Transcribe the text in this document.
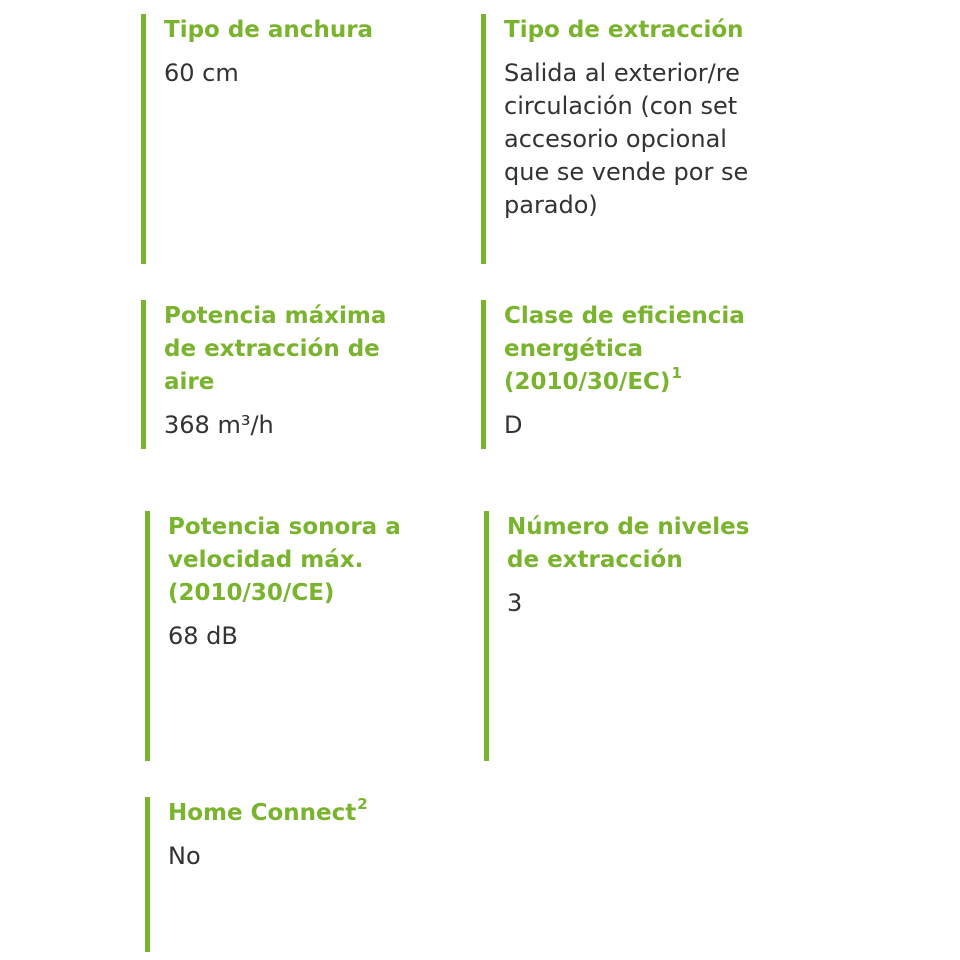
Tipo de anchura
60 cm
Tipo de extracción
Salida al exterior/recirculación (con set accesorio opcional que se vende por separado)
Potencia máxima de extracción de aire
368 m³/h
Clase de eficiencia energética $(2010/30/EC)^1$
D
Potencia sonora a velocidad máx. (2010/30/CE)
68 dB
Número de niveles de extracción
3
Home Connect$^2$
No
